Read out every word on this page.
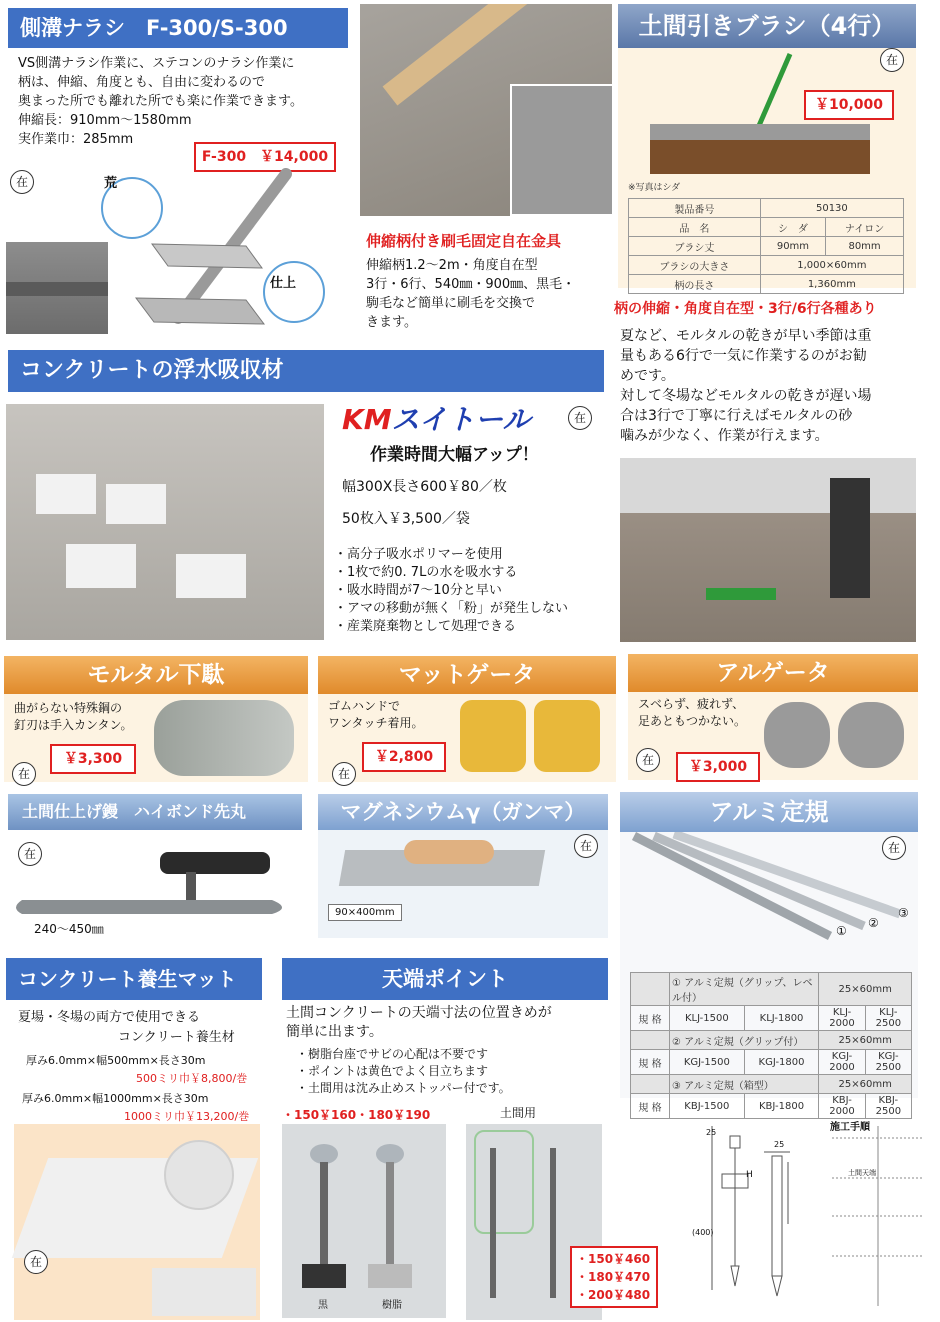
側溝ナラシ　F-300/S-300
VS側溝ナラシ作業に、ステコンのナラシ作業に
柄は、伸縮、角度とも、自由に変わるので
奥まった所でも離れた所でも楽に作業できます。
伸縮長：910mm〜1580mm
実作業巾：285mm
F-300　￥14,000
在	荒
仕上
伸縮柄付き刷毛固定自在金具
伸縮柄1.2〜2m・角度自在型
3行・6行、540㎜・900㎜、黒毛・
駒毛など簡単に刷毛を交換で
きます。
土間引きブラシ（4行）
在
￥10,000
※写真はシダ
製品番号	50130	
品　名	シ　ダ	ナイロン
ブラシ丈	90mm	80mm
ブラシの大きさ	1,000×60mm	
柄の長さ	1,360mm	
柄の伸縮・角度自在型・3行/6行各種あり
夏など、モルタルの乾きが早い季節は重
量もある6行で一気に作業するのがお勧
めです。
対して冬場などモルタルの乾きが遅い場
合は3行で丁寧に行えばモルタルの砂
噛みが少なく、作業が行えます。
コンクリートの浮水吸収材
KMスイトール	在
作業時間大幅アップ！
幅300X長さ600￥80／枚
50枚入￥3,500／袋
・高分子吸水ポリマーを使用
・1枚で約0. 7Lの水を吸水する
・吸水時間が7〜10分と早い
・アマの移動が無く「粉」が発生しない
・産業廃棄物として処理できる
モルタル下駄
曲がらない特殊鋼の
釘刃は手入カンタン。
￥3,300
在
マットゲータ
ゴムハンドで
ワンタッチ着用。
￥2,800
在
アルゲータ
スベらず、疲れず、
足あともつかない。
￥3,000
在
土間仕上げ鏝　ハイボンド先丸
在
240〜450㎜
マグネシウムγ（ガンマ）
90×400mm
在
アルミ定規
在
①
②
③
	① アルミ定規（グリップ、レベル付）		25×60mm	
規 格	KLJ-1500	KLJ-1800	KLJ-2000	KLJ-2500
	② アルミ定規（グリップ付）		25×60mm	
規 格	KGJ-1500	KGJ-1800	KGJ-2000	KGJ-2500
	③ アルミ定規（箱型）		25×60mm	
規 格	KBJ-1500	KBJ-1800	KBJ-2000	KBJ-2500
コンクリート養生マット
夏場・冬場の両方で使用できる
コンクリート養生材
厚み6.0mm×幅500mm×長さ30m
500ミリ巾￥8,800/巻
厚み6.0mm×幅1000mm×長さ30m
1000ミリ巾￥13,200/巻
在
天端ポイント
土間コンクリートの天端寸法の位置きめが
簡単に出ます。
・樹脂台座でサビの心配は不要です
・ポイントは黄色でよく目立ちます
・土間用は沈み止めストッパー付です。
・150￥160・180￥190	土間用
黒	樹脂
・150￥460
・180￥470
・200￥480
施工手順
25
25
(400)
H	土間天端
